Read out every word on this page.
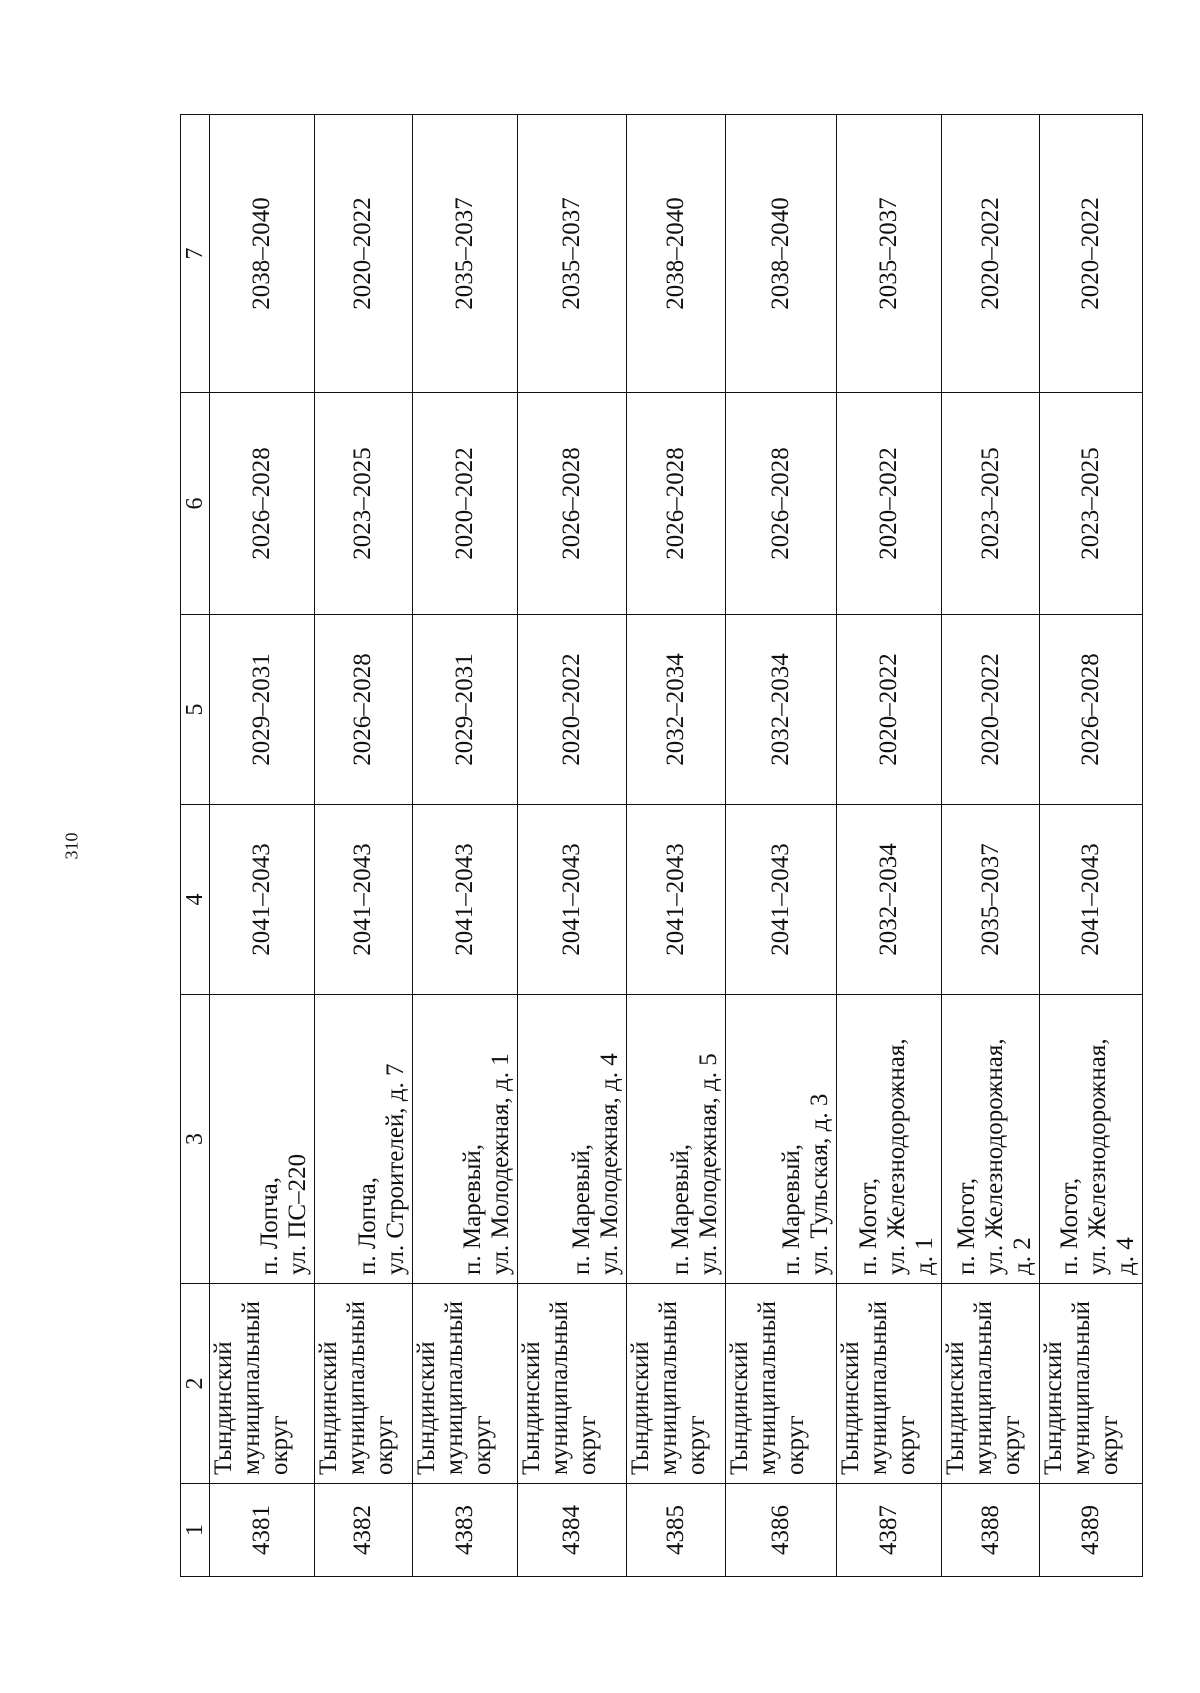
310
1	2	3	4	5	6	7
4381	Тындинский муниципальный округ	п. Лопча, ул. ПС–220	2041–2043	2029–2031	2026–2028	2038–2040
4382	Тындинский муниципальный округ	п. Лопча, ул. Строителей, д. 7	2041–2043	2026–2028	2023–2025	2020–2022
4383	Тындинский муниципальный округ	п. Маревый, ул. Молодежная, д. 1	2041–2043	2029–2031	2020–2022	2035–2037
4384	Тындинский муниципальный округ	п. Маревый, ул. Молодежная, д. 4	2041–2043	2020–2022	2026–2028	2035–2037
4385	Тындинский муниципальный округ	п. Маревый, ул. Молодежная, д. 5	2041–2043	2032–2034	2026–2028	2038–2040
4386	Тындинский муниципальный округ	п. Маревый, ул. Тульская, д. 3	2041–2043	2032–2034	2026–2028	2038–2040
4387	Тындинский муниципальный округ	п. Могот, ул. Железнодорожная, д. 1	2032–2034	2020–2022	2020–2022	2035–2037
4388	Тындинский муниципальный округ	п. Могот, ул. Железнодорожная, д. 2	2035–2037	2020–2022	2023–2025	2020–2022
4389	Тындинский муниципальный округ	п. Могот, ул. Железнодорожная, д. 4	2041–2043	2026–2028	2023–2025	2020–2022
